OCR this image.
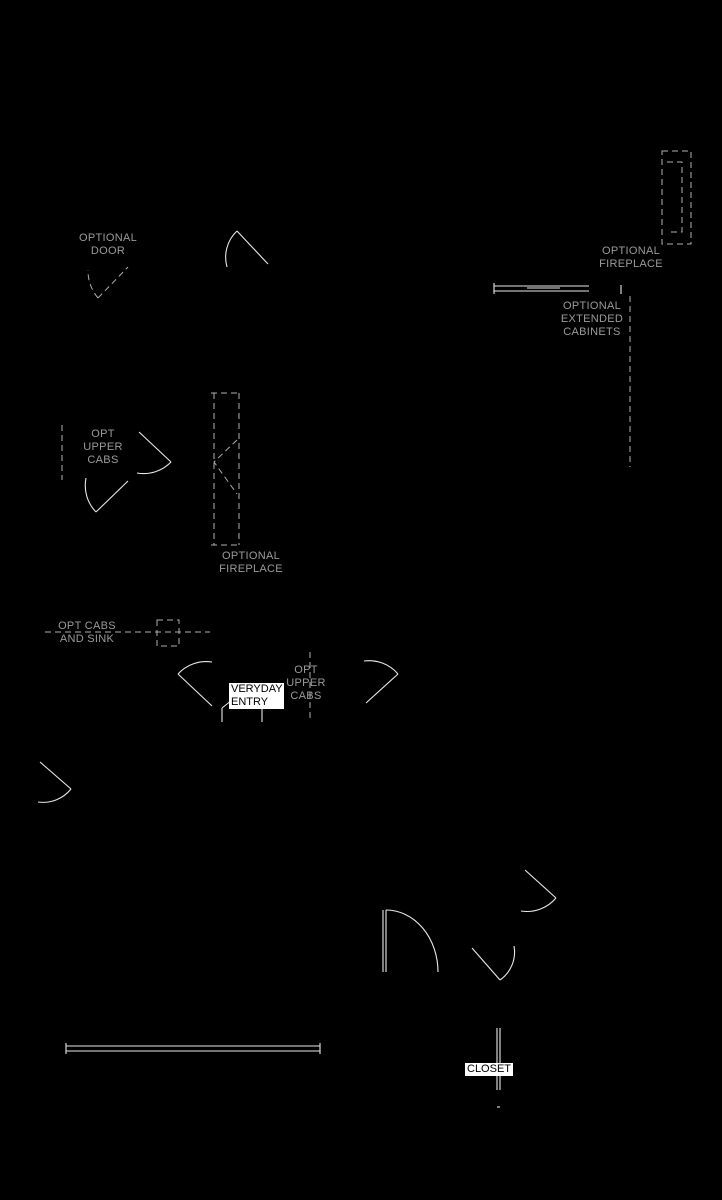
OPTIONAL
DOOR	OPTIONAL
FIREPLACE
OPTIONAL
EXTENDED
CABINETS
OPT
UPPER
CABS
OPTIONAL
FIREPLACE
OPT CABS
AND SINK
OPT
UPPER
CABS
VERYDAY
ENTRY
CLOSET
